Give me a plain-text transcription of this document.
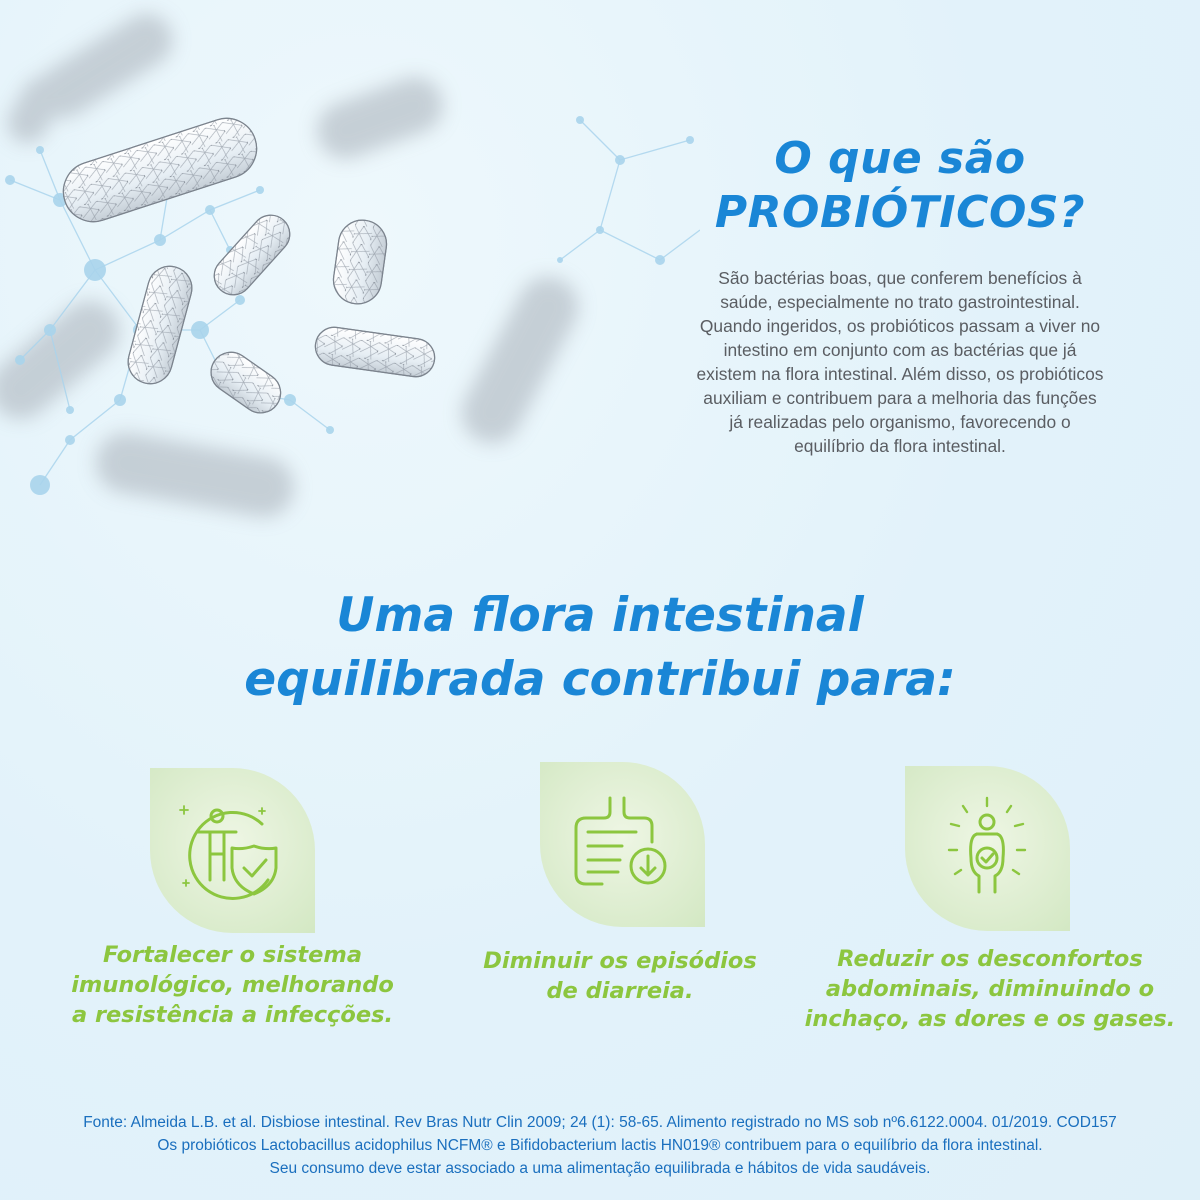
O que são
PROBIÓTICOS?
São bactérias boas, que conferem benefícios à
saúde, especialmente no trato gastrointestinal.
Quando ingeridos, os probióticos passam a viver no
intestino em conjunto com as bactérias que já
existem na flora intestinal. Além disso, os probióticos
auxiliam e contribuem para a melhoria das funções
já realizadas pelo organismo, favorecendo o
equilíbrio da flora intestinal.
Uma flora intestinal
equilibrada contribui para:
Fortalecer o sistema
imunológico, melhorando
a resistência a infecções.
Diminuir os episódios
de diarreia.
Reduzir os desconfortos
abdominais, diminuindo o
inchaço, as dores e os gases.
Fonte: Almeida L.B. et al. Disbiose intestinal. Rev Bras Nutr Clin 2009; 24 (1): 58-65. Alimento registrado no MS sob nº6.6122.0004. 01/2019. COD157
Os probióticos Lactobacillus acidophilus NCFM® e Bifidobacterium lactis HN019® contribuem para o equilíbrio da flora intestinal.
Seu consumo deve estar associado a uma alimentação equilibrada e hábitos de vida saudáveis.
